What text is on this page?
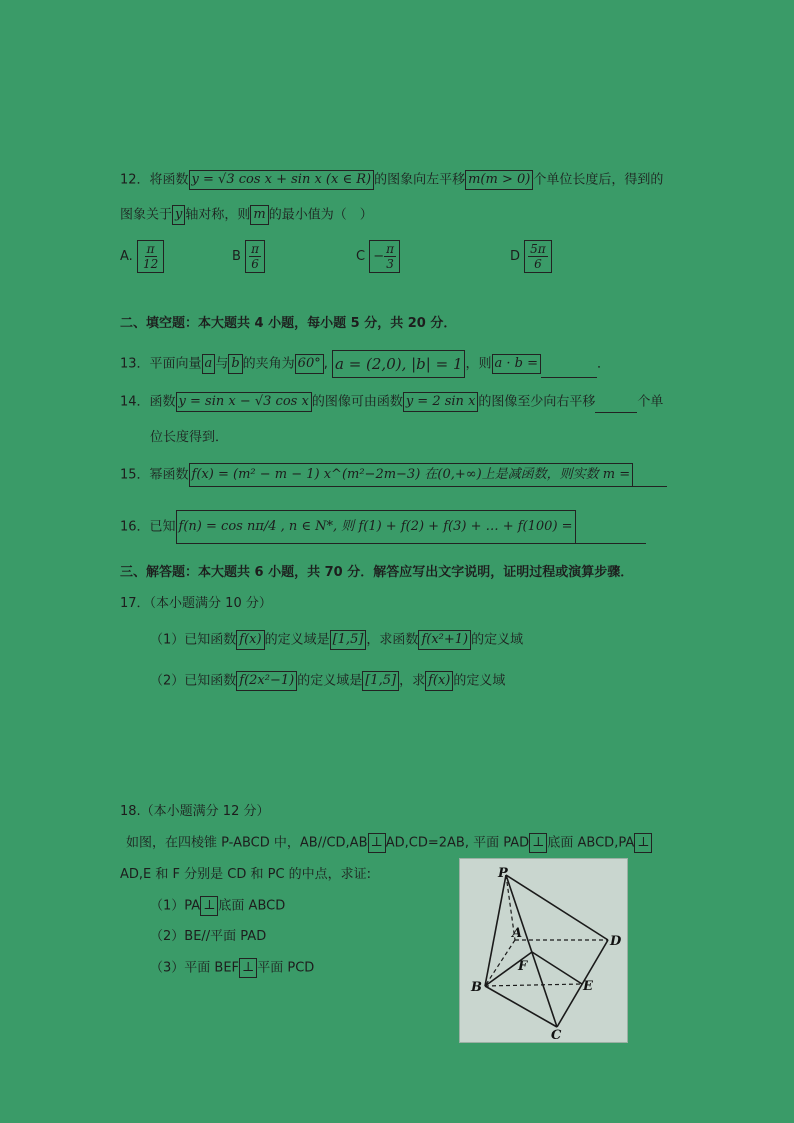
12．将函数 y = √3 cos x + sin x (x ∈ R) 的图象向左平移 m(m > 0) 个单位长度后，得到的
图象关于 y 轴对称，则 m 的最小值为（　）
A. $\frac{\pi}{12}$	B $\frac{\pi}{6}$	$C - \frac{\pi}{3}$	D $\frac{5\pi}{6}$
二、填空题：本大题共 4 小题，每小题 5 分，共 20 分．
13．平面向量 a 与 b 的夹角为 60° , a = (2,0), |b| = 1 ，则 a · b =	．
14．函数 y = sin x − √3 cos x 的图像可由函数 y = 2 sin x 的图像至少向右平移	个单
位长度得到．
15．幂函数 f(x) = (m² − m − 1) x^(m²−2m−3) 在(0,+∞)上是减函数，则实数 m =
16．已知 f(n) = cos nπ/4 , n ∈ N*, 则 f(1) + f(2) + f(3) + … + f(100) =
三、解答题：本大题共 6 小题，共 70 分．解答应写出文字说明，证明过程或演算步骤．
17．（本小题满分 10 分）
（1）已知函数 f(x) 的定义域是 [1,5] ，求函数 f(x²+1) 的定义域
（2）已知函数 f(2x²−1) 的定义域是 [1,5] ，求 f(x) 的定义域
18.（本小题满分 12 分）
如图，在四棱锥 P-ABCD 中，AB//CD,AB ⊥ AD,CD=2AB, 平面 PAD ⊥ 底面 ABCD,PA ⊥
AD,E 和 F 分别是 CD 和 PC 的中点，求证:
（1）PA ⊥ 底面 ABCD
（2）BE//平面 PAD
（3）平面 BEF ⊥ 平面 PCD
P
A
D
F
B	E
C
